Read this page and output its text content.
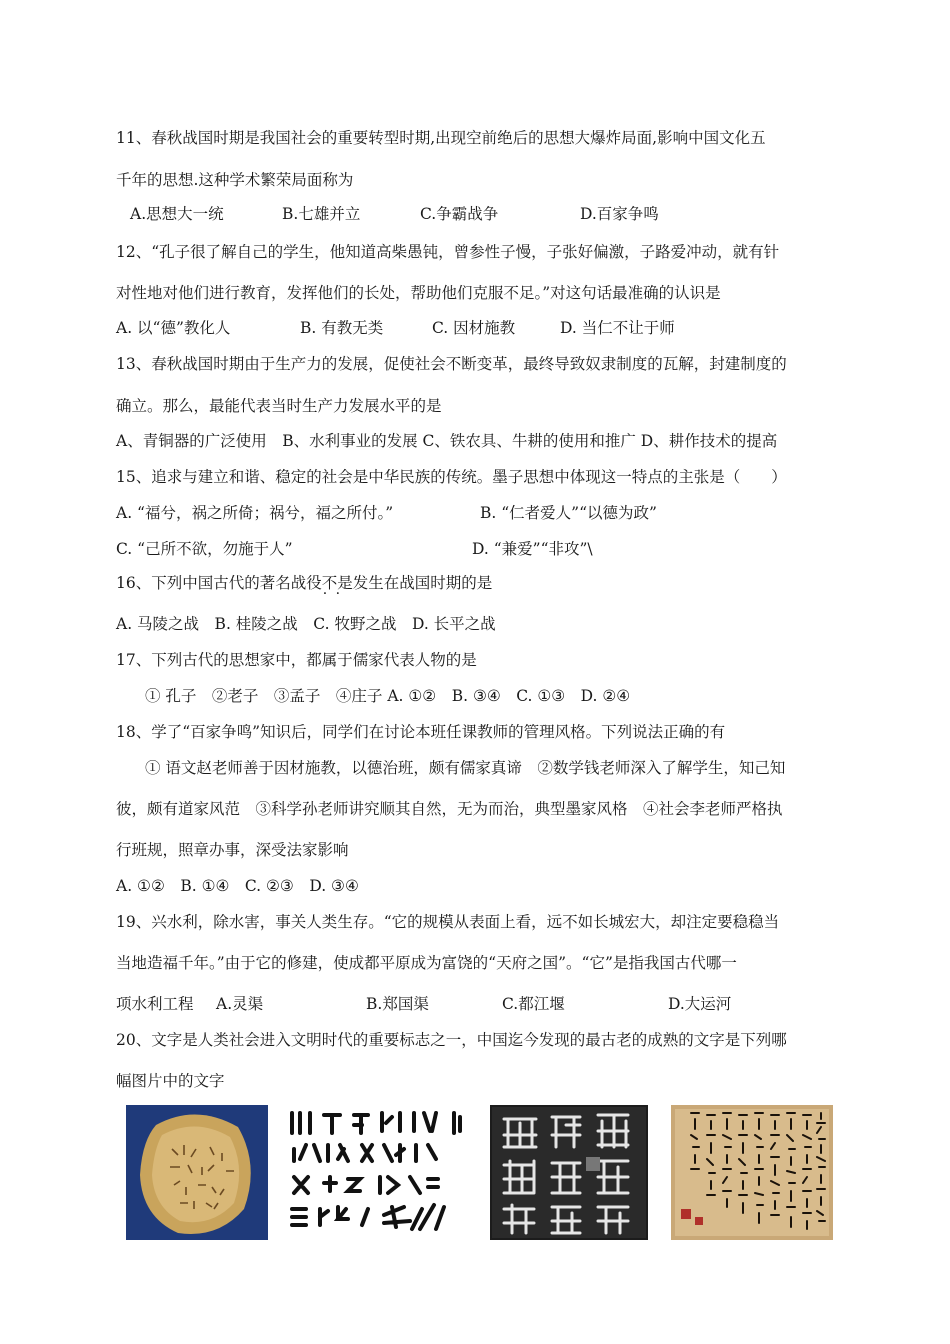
11、春秋战国时期是我国社会的重要转型时期,出现空前绝后的思想大爆炸局面,影响中国文化五
千年的思想.这种学术繁荣局面称为
A.思想大一统	B.七雄并立	C.争霸战争	D.百家争鸣
12、“孔子很了解自己的学生，他知道高柴愚钝，曾参性子慢，子张好偏激，子路爱冲动，就有针
对性地对他们进行教育，发挥他们的长处，帮助他们克服不足。”对这句话最准确的认识是
A. 以“德”教化人	B. 有教无类	C. 因材施教	D. 当仁不让于师
13、春秋战国时期由于生产力的发展，促使社会不断变革，最终导致奴隶制度的瓦解，封建制度的
确立。那么，最能代表当时生产力发展水平的是
A、青铜器的广泛使用　B、水利事业的发展 C、铁农具、牛耕的使用和推广 D、耕作技术的提高
15、追求与建立和谐、稳定的社会是中华民族的传统。墨子思想中体现这一特点的主张是（　　）
A. “福兮，祸之所倚；祸兮，福之所付。”	B. “仁者爱人”“以德为政”
C. “己所不欲，勿施于人”	D. “兼爱”“非攻”\
16、下列中国古代的著名战役不是 · ·发生在战国时期的是
A. 马陵之战　B. 桂陵之战　C. 牧野之战　D. 长平之战
17、下列古代的思想家中，都属于儒家代表人物的是
① 孔子　②老子　③孟子　④庄子 A. ①②　B. ③④　C. ①③　D. ②④
18、学了“百家争鸣”知识后，同学们在讨论本班任课教师的管理风格。下列说法正确的有
① 语文赵老师善于因材施教，以德治班，颇有儒家真谛　②数学钱老师深入了解学生，知己知
彼，颇有道家风范　③科学孙老师讲究顺其自然，无为而治，典型墨家风格　④社会李老师严格执
行班规，照章办事，深受法家影响
A. ①②　B. ①④　C. ②③　D. ③④
19、兴水利，除水害，事关人类生存。“它的规模从表面上看，远不如长城宏大，却注定要稳稳当
当地造福千年。”由于它的修建，使成都平原成为富饶的“天府之国”。“它”是指我国古代哪一
项水利工程 A.灵渠	B.郑国渠	C.都江堰	D.大运河
20、文字是人类社会进入文明时代的重要标志之一，中国迄今发现的最古老的成熟的文字是下列哪
幅图片中的文字
